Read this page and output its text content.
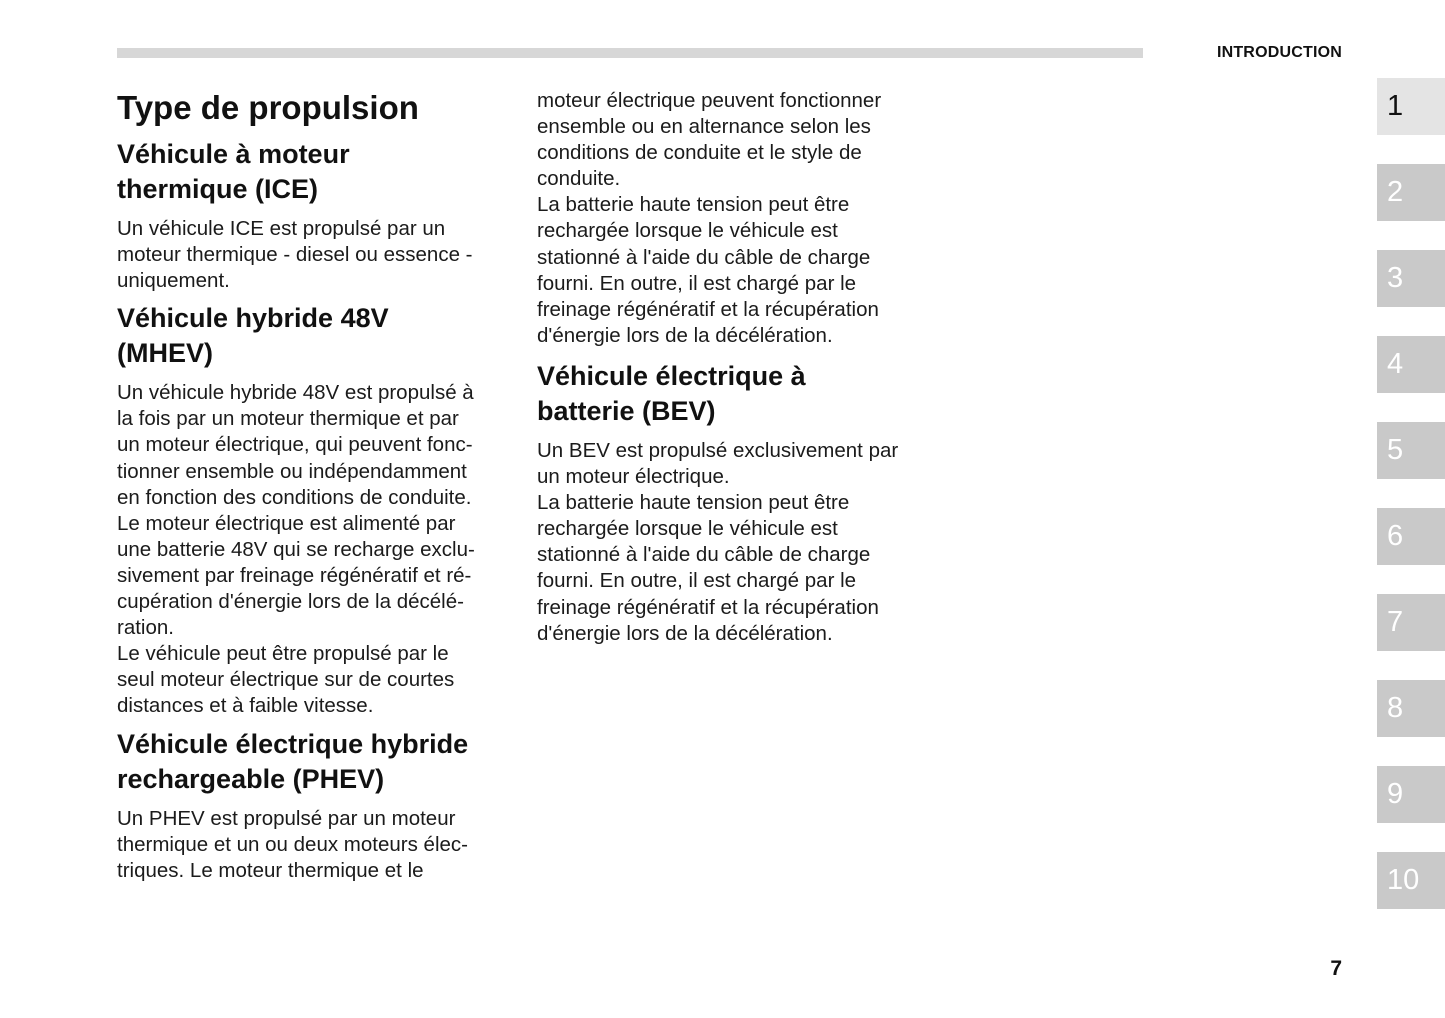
INTRODUCTION
Type de propulsion
Véhicule à moteur
thermique (ICE)
Un véhicule ICE est propulsé par un
moteur thermique - diesel ou essence -
uniquement.
Véhicule hybride 48V
(MHEV)
Un véhicule hybride 48V est propulsé à
la fois par un moteur thermique et par
un moteur électrique, qui peuvent fonc-
tionner ensemble ou indépendamment
en fonction des conditions de conduite.
Le moteur électrique est alimenté par
une batterie 48V qui se recharge exclu-
sivement par freinage régénératif et ré-
cupération d'énergie lors de la décélé-
ration.
Le véhicule peut être propulsé par le
seul moteur électrique sur de courtes
distances et à faible vitesse.
Véhicule électrique hybride
rechargeable (PHEV)
Un PHEV est propulsé par un moteur
thermique et un ou deux moteurs élec-
triques. Le moteur thermique et le
moteur électrique peuvent fonctionner
ensemble ou en alternance selon les
conditions de conduite et le style de
conduite.
La batterie haute tension peut être
rechargée lorsque le véhicule est
stationné à l'aide du câble de charge
fourni. En outre, il est chargé par le
freinage régénératif et la récupération
d'énergie lors de la décélération.
Véhicule électrique à
batterie (BEV)
Un BEV est propulsé exclusivement par
un moteur électrique.
La batterie haute tension peut être
rechargée lorsque le véhicule est
stationné à l'aide du câble de charge
fourni. En outre, il est chargé par le
freinage régénératif et la récupération
d'énergie lors de la décélération.
1
2
3
4
5
6
7
8
9
10
7
